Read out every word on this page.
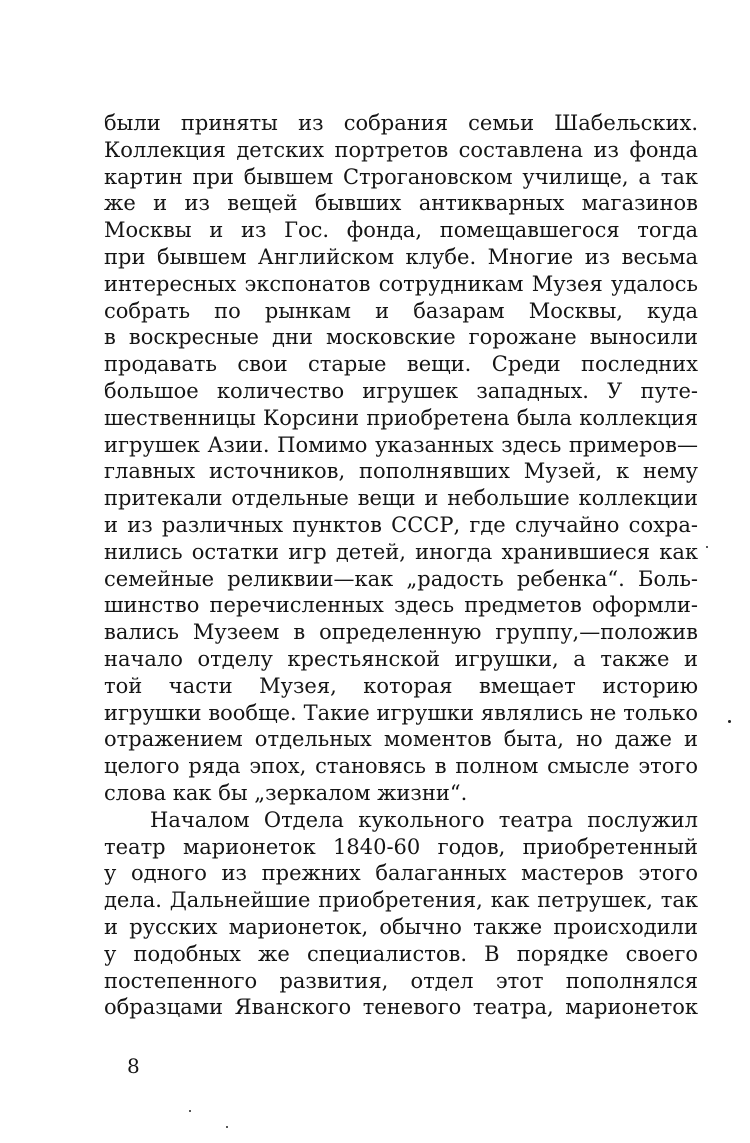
были приняты из собрания семьи Шабельских.
Коллекция детских портретов составлена из фонда
картин при бывшем Строгановском училище, а так
же и из вещей бывших антикварных магазинов
Москвы и из Гос. фонда, помещавшегося тогда
при бывшем Английском клубе. Многие из весьма
интересных экспонатов сотрудникам Музея удалось
собрать по рынкам и базарам Москвы, куда
в воскресные дни московские горожане выносили
продавать свои старые вещи. Среди последних
большое количество игрушек западных. У путе-
шественницы Корсини приобретена была коллекция
игрушек Азии. Помимо указанных здесь примеров—
главных источников, пополнявших Музей, к нему
притекали отдельные вещи и небольшие коллекции
и из различных пунктов СССР, где случайно сохра-
нились остатки игр детей, иногда хранившиеся как
семейные реликвии—как „радость ребенка“. Боль-
шинство перечисленных здесь предметов оформли-
вались Музеем в определенную группу,—положив
начало отделу крестьянской игрушки, а также и
той части Музея, которая вмещает историю
игрушки вообще. Такие игрушки являлись не только
отражением отдельных моментов быта, но даже и
целого ряда эпох, становясь в полном смысле этого
слова как бы „зеркалом жизни“.
Началом Отдела кукольного театра послужил
театр марионеток 1840-60 годов, приобретенный
у одного из прежних балаганных мастеров этого
дела. Дальнейшие приобретения, как петрушек, так
и русских марионеток, обычно также происходили
у подобных же специалистов. В порядке своего
постепенного развития, отдел этот пополнялся
образцами Яванского теневого театра, марионеток
8
